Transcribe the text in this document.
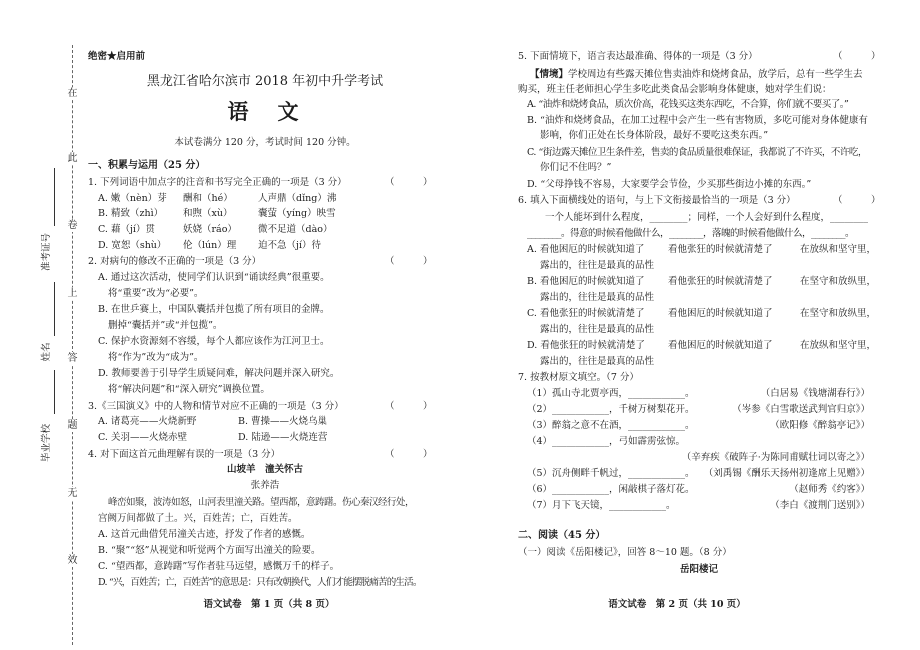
在
此
卷
上
答
题
无
效
准考证号
姓名
毕业学校
绝密★启用前
黑龙江省哈尔滨市 2018 年初中升学考试
语　文
本试卷满分 120 分，考试时间 120 分钟。
一、积累与运用（25 分）
1. 下列词语中加点字的注音和书写完全正确的一项是（3 分）	（　　　）
A. 嫩（nèn）芽 酬和（hé）	人声鼎（dǐng）沸
B. 精致（zhì） 和煦（xù）	囊萤（yíng）映雪
C. 藉（jí）贯	妖娆（ráo） 微不足道（dào）
D. 宽恕（shù） 伦（lún）理 迫不急（jí）待
2. 对病句的修改不正确的一项是（3 分）	（　　　）
A. 通过这次活动，使同学们认识到“诵读经典”很重要。
将“重要”改为“必要”。
B. 在世乒赛上，中国队囊括并包揽了所有项目的金牌。
删掉“囊括并”或“并包揽”。
C. 保护水资源刻不容缓，每个人都应该作为江河卫士。
将“作为”改为“成为”。
D. 教师要善于引导学生质疑问难，解决问题并深入研究。
将“解决问题”和“深入研究”调换位置。
3.《三国演义》中的人物和情节对应不正确的一项是（3 分）	（　　　）
A. 诸葛亮——火烧新野	B. 曹操——火烧乌巢
C. 关羽——火烧赤壁	D. 陆逊——火烧连营
4. 对下面这首元曲理解有误的一项是（3 分）	（　　　）
山坡羊　潼关怀古
张养浩
峰峦如聚，波涛如怒，山河表里潼关路。望西都，意踌躇。伤心秦汉经行处，
宫阙万间都做了土。兴，百姓苦；亡，百姓苦。
A. 这首元曲借凭吊潼关古迹，抒发了作者的感慨。
B. “聚”“怒”从视觉和听觉两个方面写出潼关的险要。
C. “望西都，意踌躇”写作者驻马远望，感慨万千的样子。
D. “兴，百姓苦；亡，百姓苦”的意思是：只有改朝换代，人们才能摆脱痛苦的生活。
语文试卷　第 1 页（共 8 页）
5. 下面情境下，语言表达最准确、得体的一项是（3 分）	（　　　）
【情境】学校周边有些露天摊位售卖油炸和烧烤食品，放学后，总有一些学生去
购买，班主任老师担心学生多吃此类食品会影响身体健康，她对学生们说：
A. “油炸和烧烤食品，质次价高，花钱买这类东西吃，不合算，你们就不要买了。”
B. “油炸和烧烤食品，在加工过程中会产生一些有害物质，多吃可能对身体健康有
影响，你们正处在长身体阶段，最好不要吃这类东西。”
C. “街边露天摊位卫生条件差，售卖的食品质量很难保证，我都说了不许买，不许吃，
你们记不住吗？”
D. “父母挣钱不容易，大家要学会节俭，少买那些街边小摊的东西。”
6. 填入下面横线处的语句，与上下文衔接最恰当的一项是（3 分）	（　　　）
一个人能坏到什么程度，________；同样，一个人会好到什么程度，________
________。得意的时候看他做什么，________，落魄的时候看他做什么，________。
A. 看他困厄的时候就知道了 看他张狂的时候就清楚了	在放纵和坚守里，
露出的，往往是最真的品性
B. 看他困厄的时候就知道了 看他张狂的时候就清楚了	在坚守和放纵里，
露出的，往往是最真的品性
C. 看他张狂的时候就清楚了 看他困厄的时候就知道了	在坚守和放纵里，
露出的，往往是最真的品性
D. 看他张狂的时候就清楚了 看他困厄的时候就知道了	在放纵和坚守里，
露出的，往往是最真的品性
7. 按教材原文填空。（7 分）
（1）孤山寺北贾亭西，____________。	（白居易《钱塘湖春行》）
（2）____________，千树万树梨花开。	（岑参《白雪歌送武判官归京》）
（3）醉翁之意不在酒，____________。	（欧阳修《醉翁亭记》）
（4）____________，弓如霹雳弦惊。
（辛弃疾《破阵子·为陈同甫赋壮词以寄之》）
（5）沉舟侧畔千帆过，____________。 （刘禹锡《酬乐天扬州初逢席上见赠》）
（6）____________，闲敲棋子落灯花。	（赵师秀《约客》）
（7）月下飞天镜，____________。	（李白《渡荆门送别》）
二、阅读（45 分）
（一）阅读《岳阳楼记》，回答 8～10 题。（8 分）
岳阳楼记
语文试卷　第 2 页（共 10 页）
